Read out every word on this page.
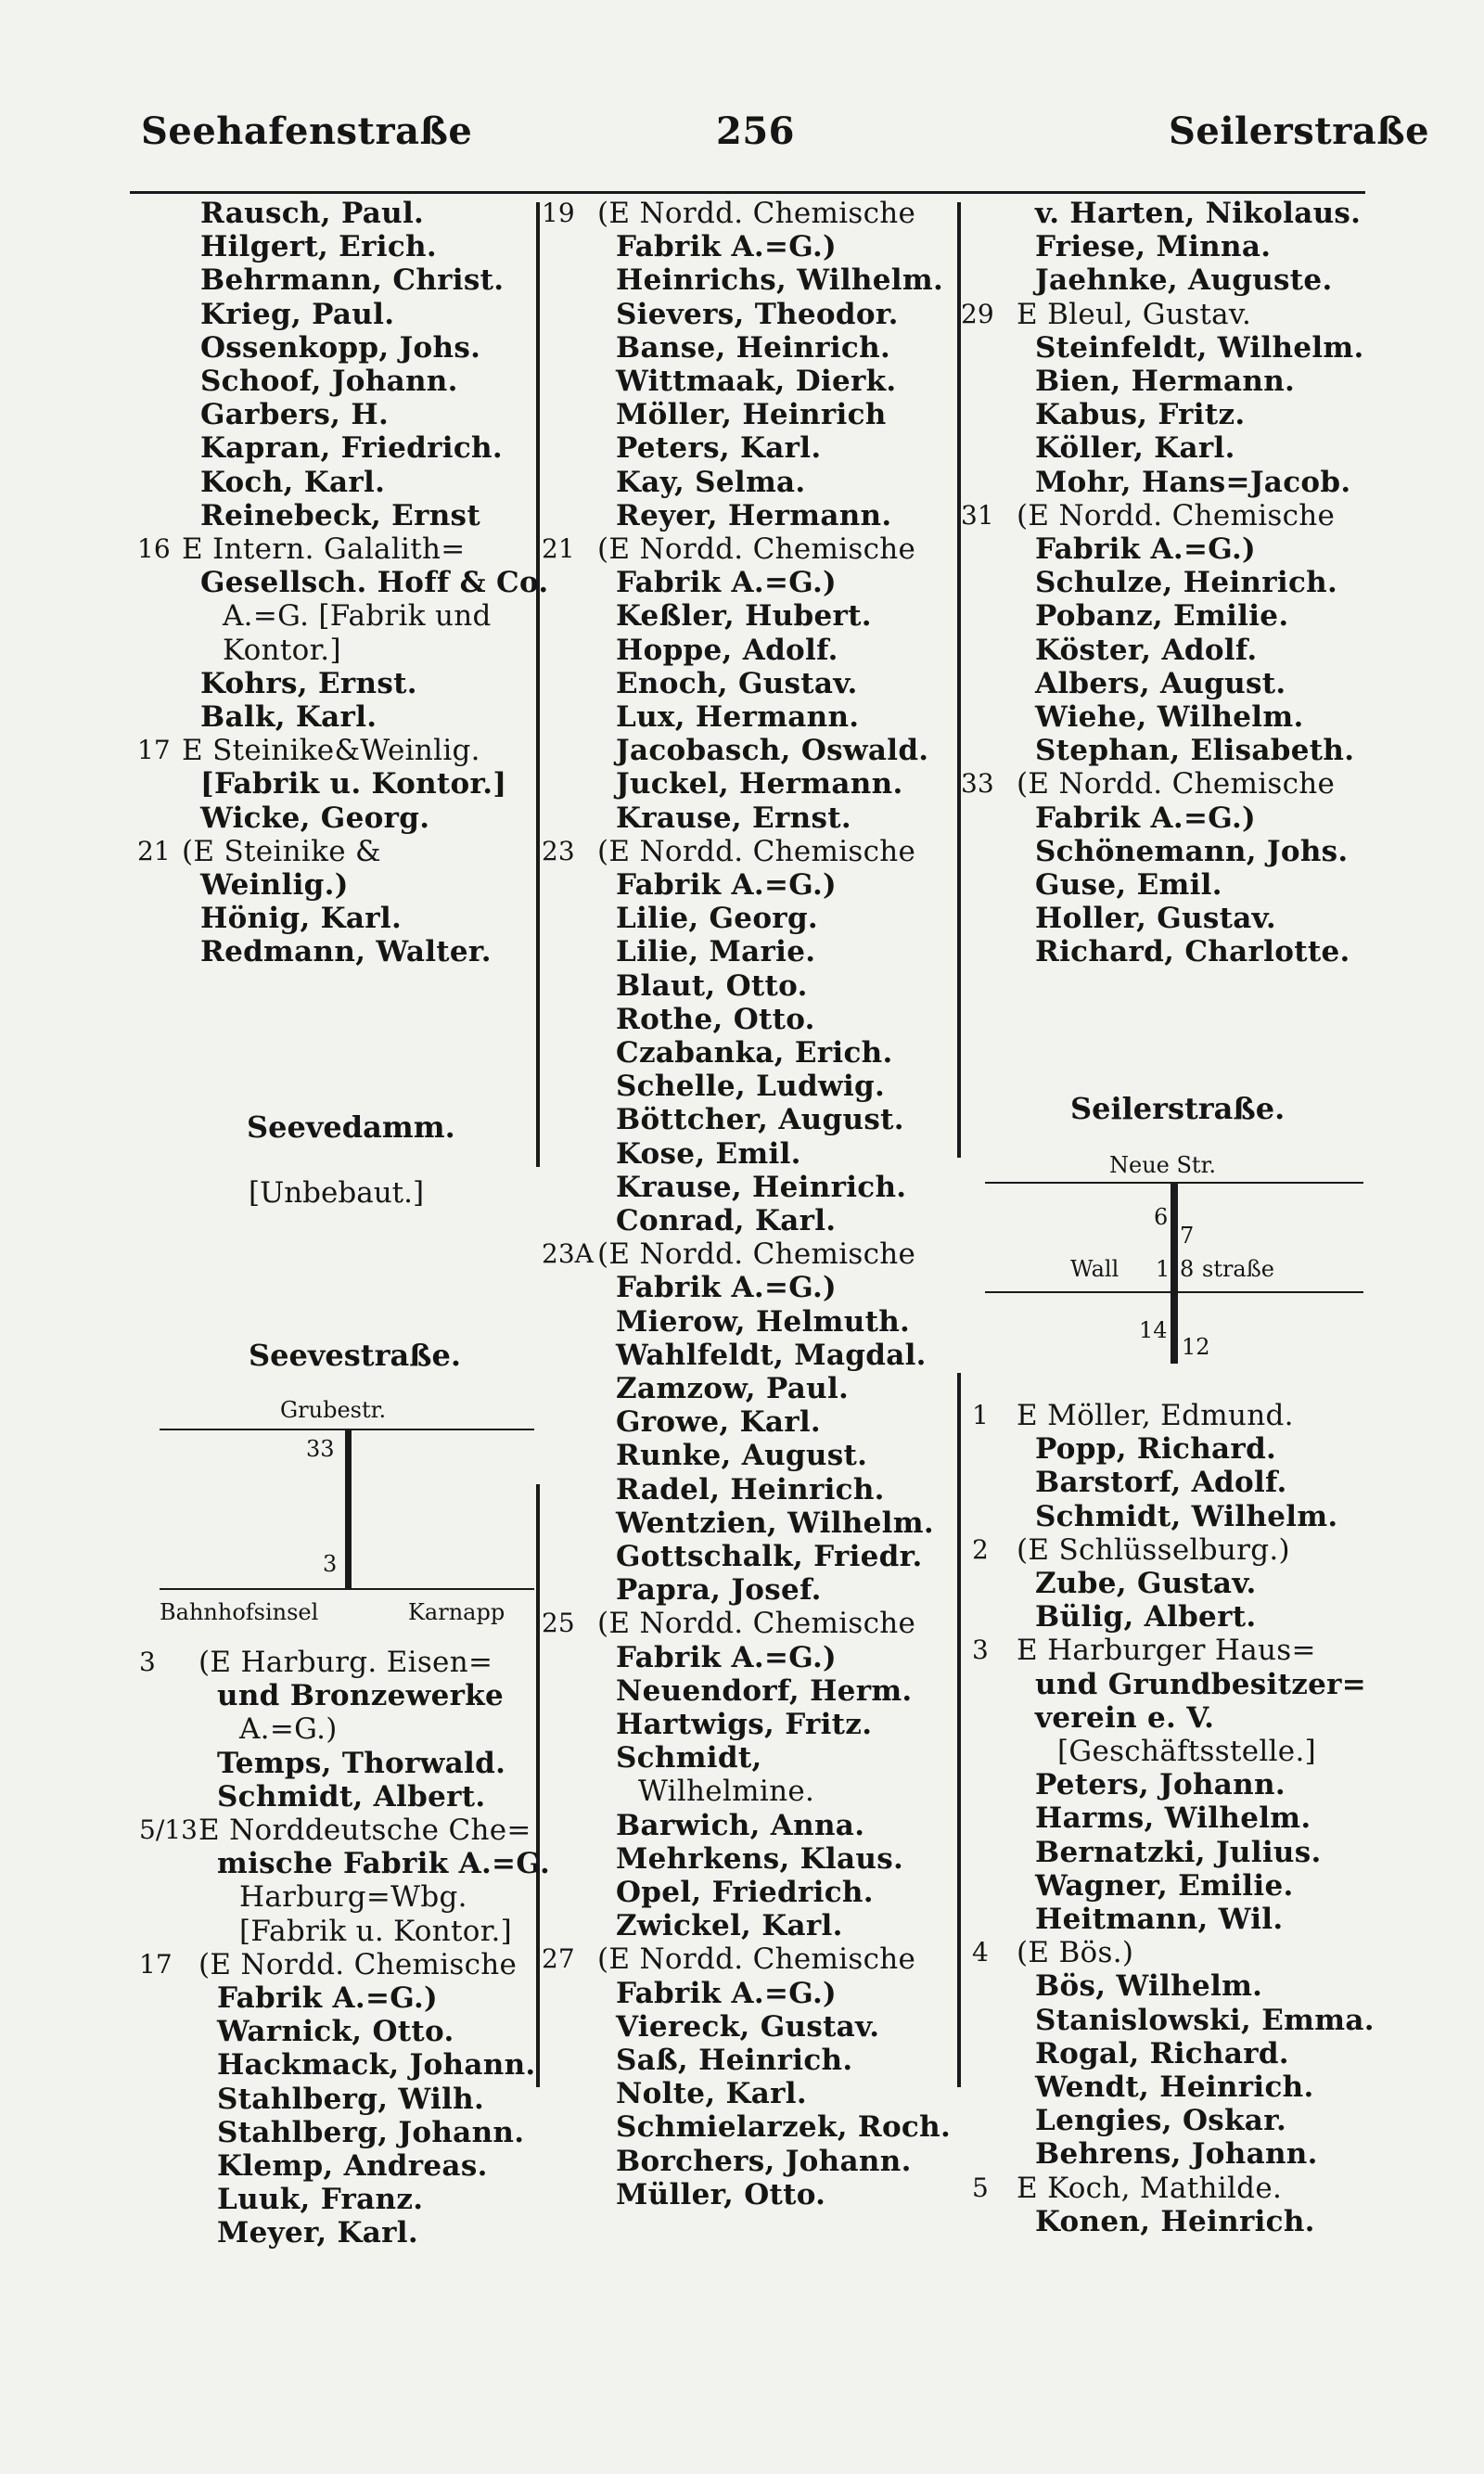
Seehafenstraße	256	Seilerstraße
Rausch, Paul.
Hilgert, Erich.
Behrmann, Christ.
Krieg, Paul.
Ossenkopp, Johs.
Schoof, Johann.
Garbers, H.
Kapran, Friedrich.
Koch, Karl.
Reinebeck, Ernst
16 E Intern. Galalith=
Gesellsch. Hoff & Co.
A.=G. [Fabrik und
Kontor.]
Kohrs, Ernst.
Balk, Karl.
17 E Steinike&Weinlig.
[Fabrik u. Kontor.]
Wicke, Georg.
21 (E Steinike &
Weinlig.)
Hönig, Karl.
Redmann, Walter.
Seevedamm.
[Unbebaut.]
Seevestraße.
Grubestr.
33
3
Bahnhofsinsel	Karnapp
3 (E Harburg. Eisen=
und Bronzewerke
A.=G.)
Temps, Thorwald.
Schmidt, Albert.
5/13 E Norddeutsche Che=
mische Fabrik A.=G.
Harburg=Wbg.
[Fabrik u. Kontor.]
17 (E Nordd. Chemische
Fabrik A.=G.)
Warnick, Otto.
Hackmack, Johann.
Stahlberg, Wilh.
Stahlberg, Johann.
Klemp, Andreas.
Luuk, Franz.
Meyer, Karl.
19 (E Nordd. Chemische
Fabrik A.=G.)
Heinrichs, Wilhelm.
Sievers, Theodor.
Banse, Heinrich.
Wittmaak, Dierk.
Möller, Heinrich
Peters, Karl.
Kay, Selma.
Reyer, Hermann.
21 (E Nordd. Chemische
Fabrik A.=G.)
Keßler, Hubert.
Hoppe, Adolf.
Enoch, Gustav.
Lux, Hermann.
Jacobasch, Oswald.
Juckel, Hermann.
Krause, Ernst.
23 (E Nordd. Chemische
Fabrik A.=G.)
Lilie, Georg.
Lilie, Marie.
Blaut, Otto.
Rothe, Otto.
Czabanka, Erich.
Schelle, Ludwig.
Böttcher, August.
Kose, Emil.
Krause, Heinrich.
Conrad, Karl.
23A (E Nordd. Chemische
Fabrik A.=G.)
Mierow, Helmuth.
Wahlfeldt, Magdal.
Zamzow, Paul.
Growe, Karl.
Runke, August.
Radel, Heinrich.
Wentzien, Wilhelm.
Gottschalk, Friedr.
Papra, Josef.
25 (E Nordd. Chemische
Fabrik A.=G.)
Neuendorf, Herm.
Hartwigs, Fritz.
Schmidt,
Wilhelmine.
Barwich, Anna.
Mehrkens, Klaus.
Opel, Friedrich.
Zwickel, Karl.
27 (E Nordd. Chemische
Fabrik A.=G.)
Viereck, Gustav.
Saß, Heinrich.
Nolte, Karl.
Schmielarzek, Roch.
Borchers, Johann.
Müller, Otto.
v. Harten, Nikolaus.
Friese, Minna.
Jaehnke, Auguste.
29 E Bleul, Gustav.
Steinfeldt, Wilhelm.
Bien, Hermann.
Kabus, Fritz.
Köller, Karl.
Mohr, Hans=Jacob.
31 (E Nordd. Chemische
Fabrik A.=G.)
Schulze, Heinrich.
Pobanz, Emilie.
Köster, Adolf.
Albers, August.
Wiehe, Wilhelm.
Stephan, Elisabeth.
33 (E Nordd. Chemische
Fabrik A.=G.)
Schönemann, Johs.
Guse, Emil.
Holler, Gustav.
Richard, Charlotte.
Seilerstraße.
Neue Str.
6
7
Wall 1 8 straße
14
12
1 E Möller, Edmund.
Popp, Richard.
Barstorf, Adolf.
Schmidt, Wilhelm.
2 (E Schlüsselburg.)
Zube, Gustav.
Bülig, Albert.
3 E Harburger Haus=
und Grundbesitzer=
verein e. V.
[Geschäftsstelle.]
Peters, Johann.
Harms, Wilhelm.
Bernatzki, Julius.
Wagner, Emilie.
Heitmann, Wil.
4 (E Bös.)
Bös, Wilhelm.
Stanislowski, Emma.
Rogal, Richard.
Wendt, Heinrich.
Lengies, Oskar.
Behrens, Johann.
5 E Koch, Mathilde.
Konen, Heinrich.
